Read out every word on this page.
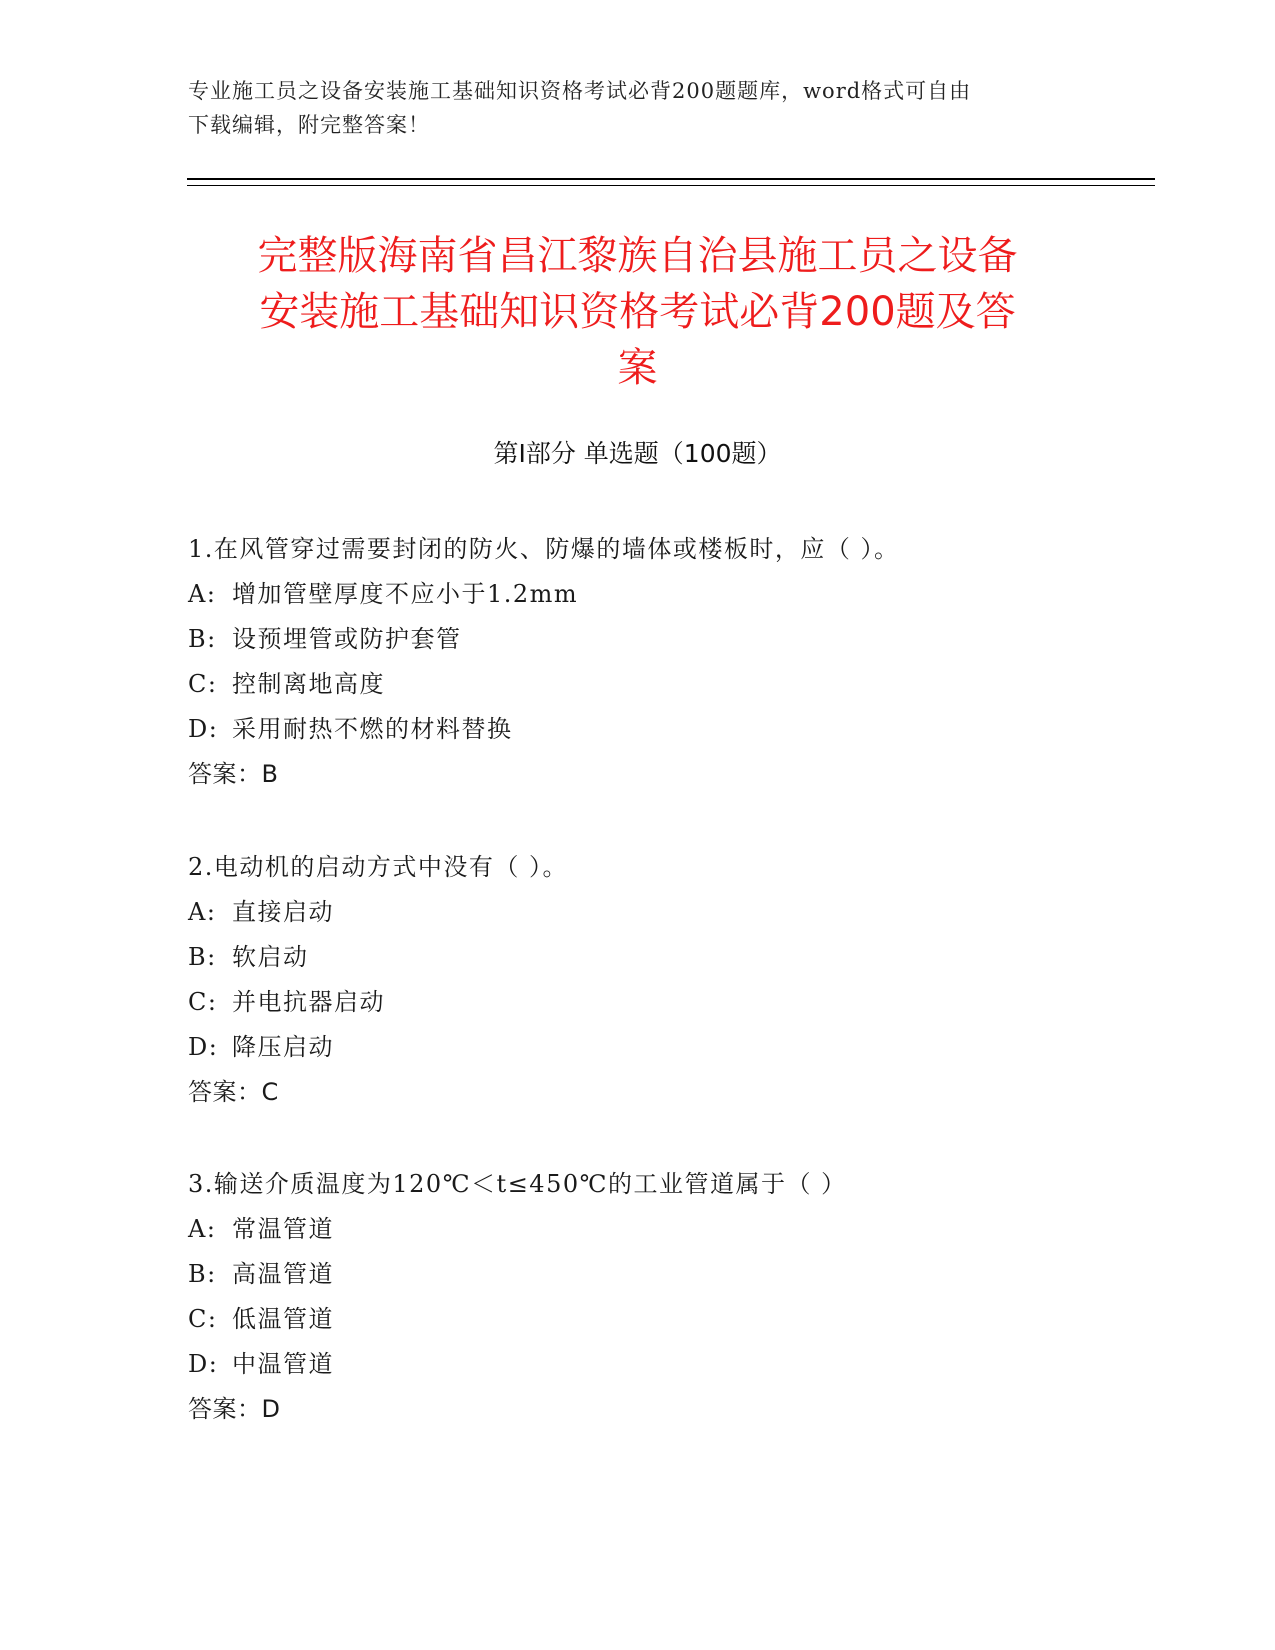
专业施工员之设备安装施工基础知识资格考试必背200题题库，word格式可自由
下载编辑，附完整答案！
完整版海南省昌江黎族自治县施工员之设备
安装施工基础知识资格考试必背200题及答
案
第Ⅰ部分 单选题（100题）
1.在风管穿过需要封闭的防火、防爆的墙体或楼板时，应（ ）。
A: 增加管壁厚度不应小于1.2mm
B: 设预埋管或防护套管
C: 控制离地高度
D: 采用耐热不燃的材料替换
答案：B
2.电动机的启动方式中没有（ ）。
A: 直接启动
B: 软启动
C: 并电抗器启动
D: 降压启动
答案：C
3.输送介质温度为120℃＜t≤450℃的工业管道属于（ ）
A: 常温管道
B: 高温管道
C: 低温管道
D: 中温管道
答案：D
